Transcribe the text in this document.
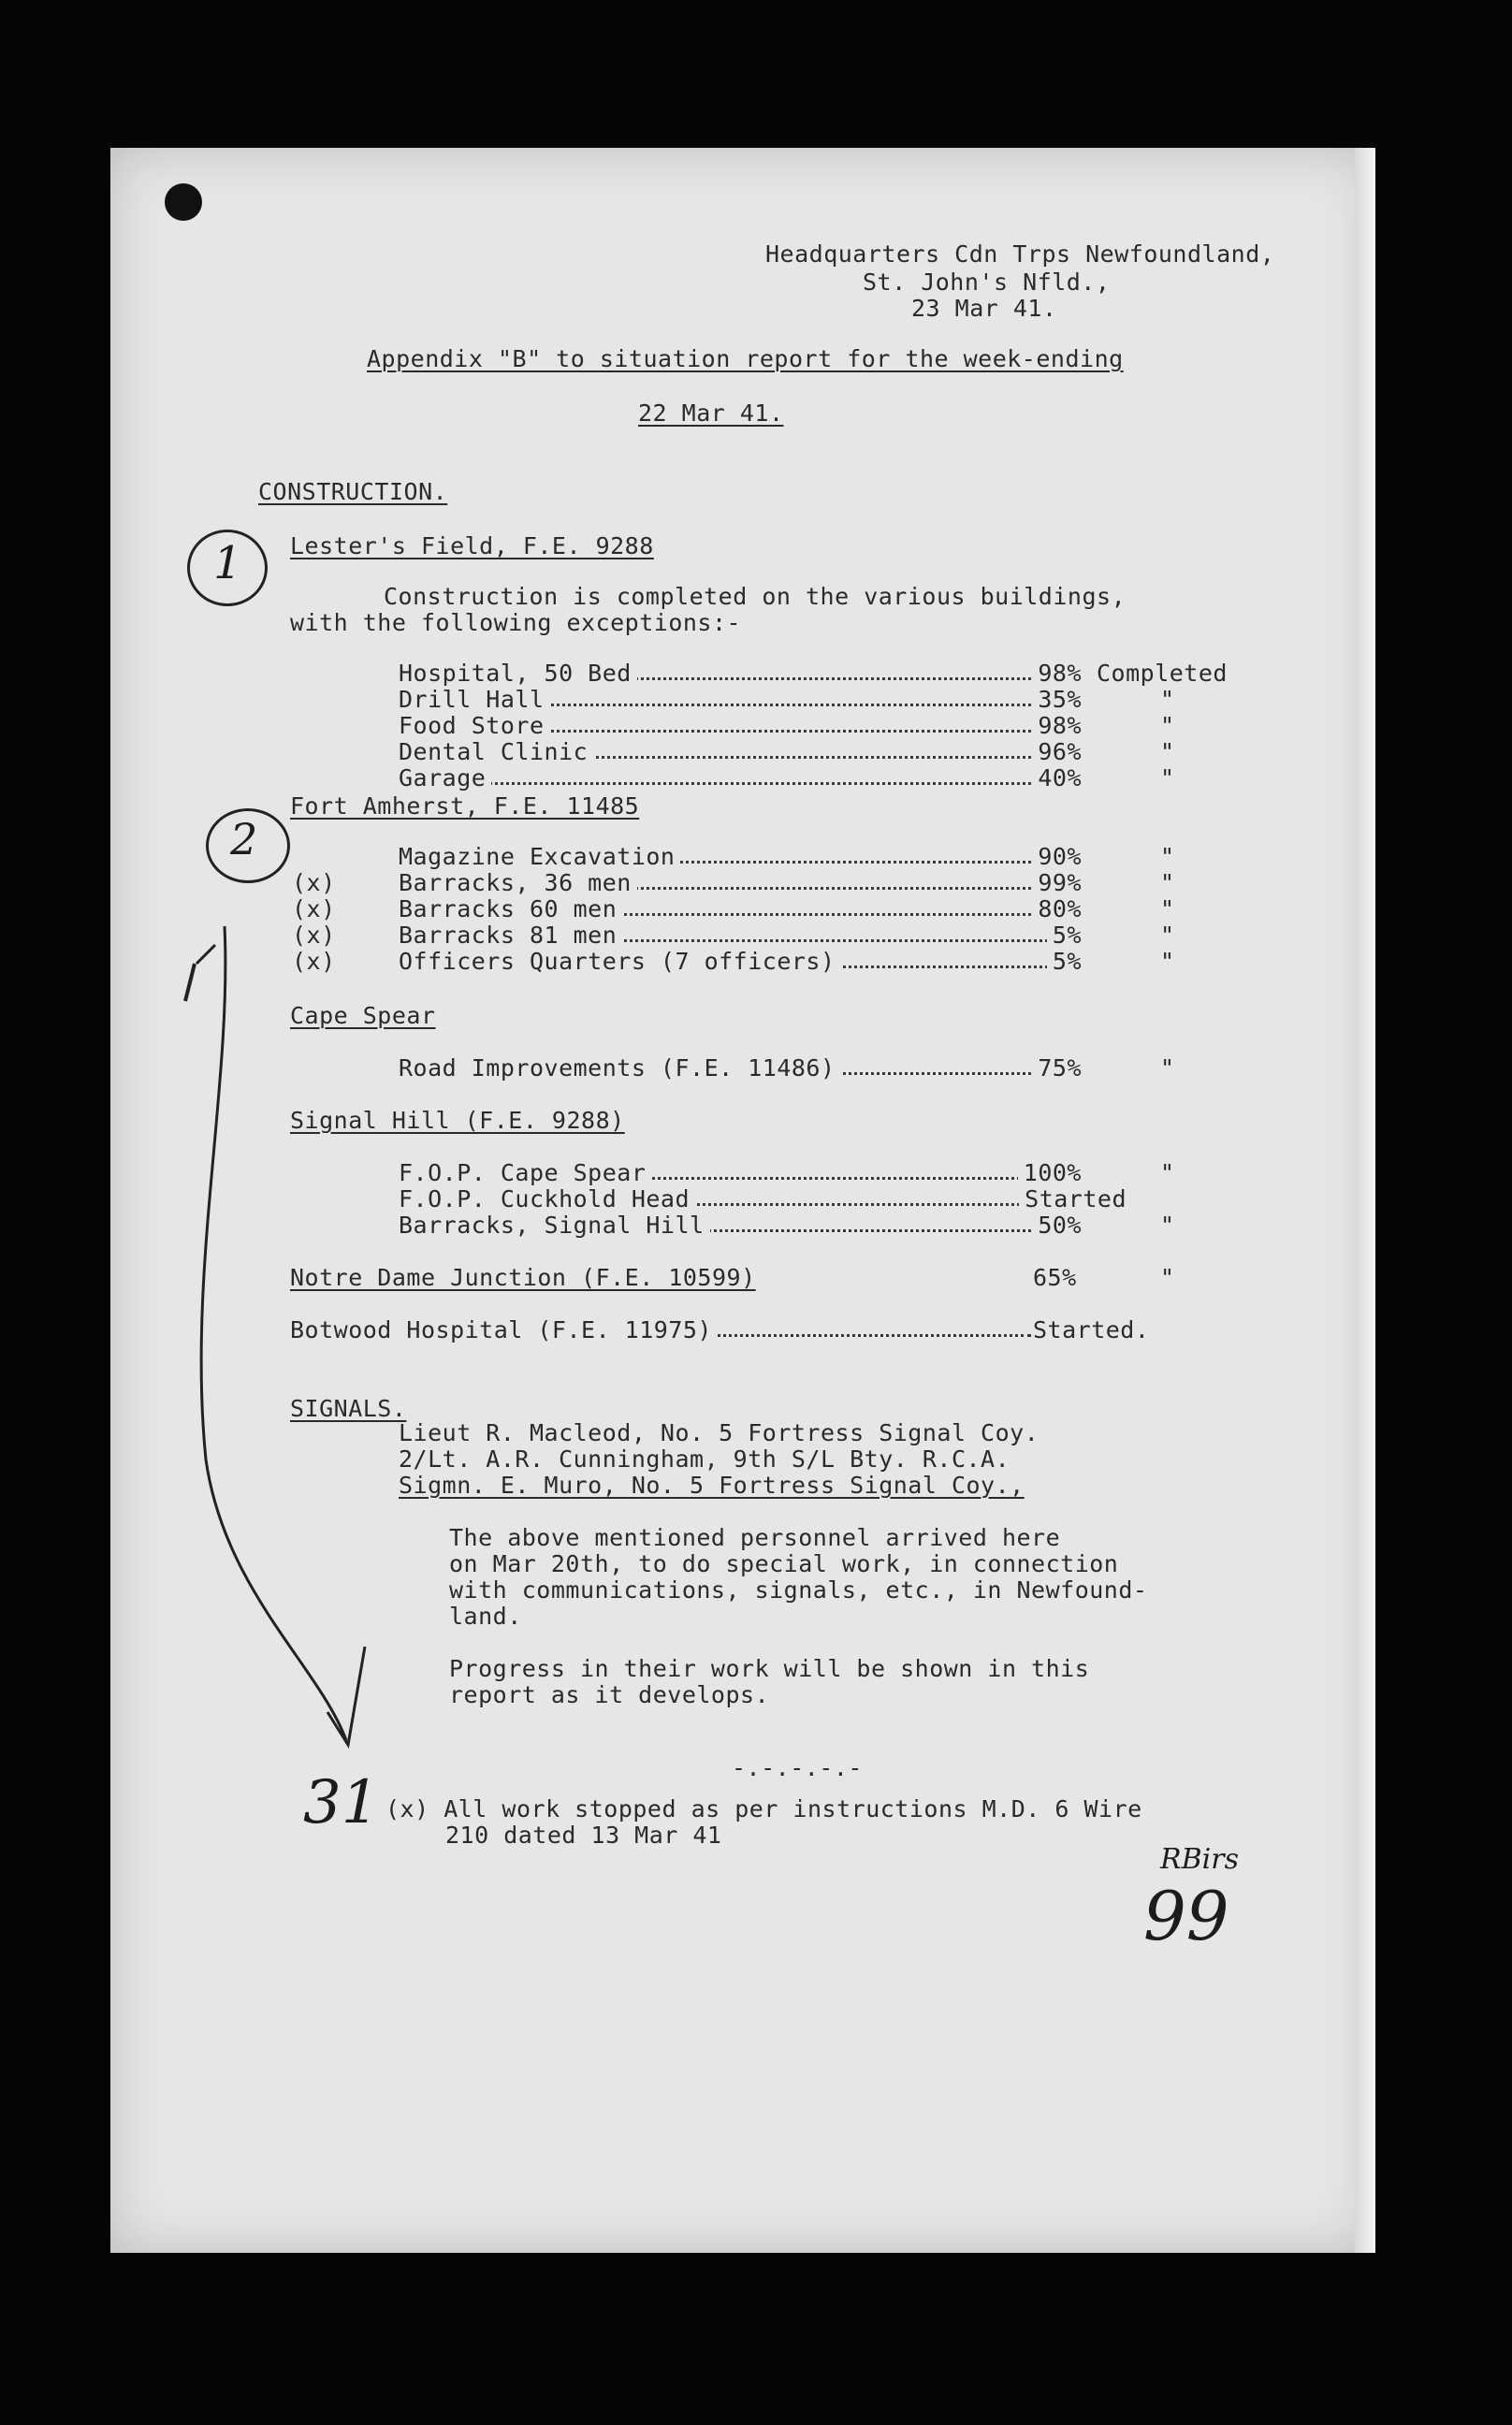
Headquarters Cdn Trps Newfoundland,
St. John's Nfld.,
23 Mar 41.
Appendix "B" to situation report for the week-ending
22 Mar 41.
CONSTRUCTION.
Lester's Field, F.E. 9288
Construction is completed on the various buildings,
with the following exceptions:-
Hospital, 50 Bed	98% Completed
Drill Hall	35%	"
Food Store	98%	"
Dental Clinic	96%	"
Garage	40%	"
Fort Amherst, F.E. 11485
Magazine Excavation	90%	"
(x)	Barracks, 36 men	99%	"
(x)	Barracks 60 men	80%	"
(x)	Barracks 81 men	5%	"
(x)	Officers Quarters (7 officers)	5%	"
Cape Spear
Road Improvements (F.E. 11486)	75%	"
Signal Hill (F.E. 9288)
F.O.P. Cape Spear	100%	"
F.O.P. Cuckhold Head	Started
Barracks, Signal Hill	50%	"
Notre Dame Junction (F.E. 10599)	65%	"
Botwood Hospital (F.E. 11975)	Started.
SIGNALS.
Lieut R. Macleod, No. 5 Fortress Signal Coy.
2/Lt. A.R. Cunningham, 9th S/L Bty. R.C.A.
Sigmn. E. Muro, No. 5 Fortress Signal Coy.,
The above mentioned personnel arrived here
on Mar 20th, to do special work, in connection
with communications, signals, etc., in Newfound-
land.
Progress in their work will be shown in this
report as it develops.
-.-.-.-.-
(x) All work stopped as per instructions M.D. 6 Wire
210 dated 13 Mar 41
1
2
31
99
RBirs
